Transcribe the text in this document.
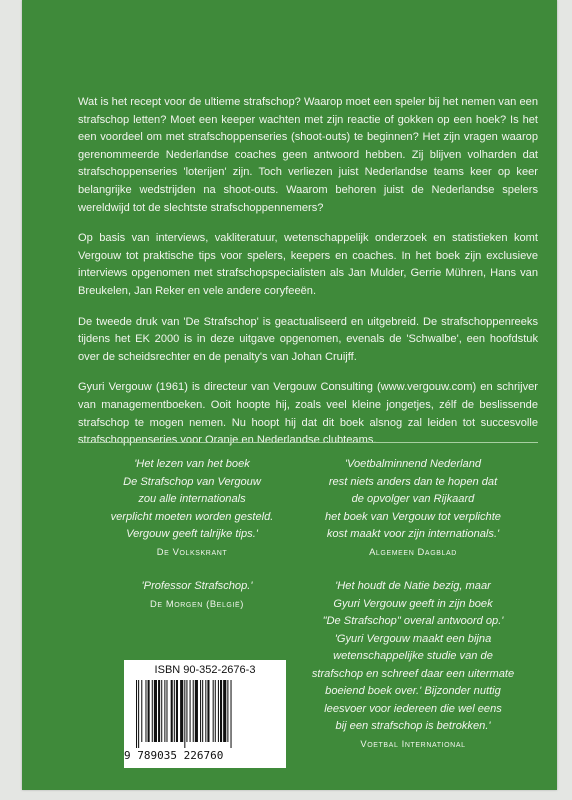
Wat is het recept voor de ultieme strafschop? Waarop moet een speler bij het nemen van een strafschop letten? Moet een keeper wachten met zijn reactie of gokken op een hoek? Is het een voordeel om met strafschoppenseries (shoot-outs) te beginnen? Het zijn vragen waarop gerenommeerde Nederlandse coaches geen antwoord hebben. Zij blijven volharden dat strafschoppenseries 'loterijen' zijn. Toch verliezen juist Nederlandse teams keer op keer belangrijke wedstrijden na shoot-outs. Waarom behoren juist de Nederlandse spelers wereldwijd tot de slechtste strafschoppennemers?

Op basis van interviews, vakliteratuur, wetenschappelijk onderzoek en statistieken komt Vergouw tot praktische tips voor spelers, keepers en coaches. In het boek zijn exclusieve interviews opgenomen met strafschopspecialisten als Jan Mulder, Gerrie Mühren, Hans van Breukelen, Jan Reker en vele andere coryfeeën.

De tweede druk van 'De Strafschop' is geactualiseerd en uitgebreid. De strafschoppenreeks tijdens het EK 2000 is in deze uitgave opgenomen, evenals de 'Schwalbe', een hoofdstuk over de scheidsrechter en de penalty's van Johan Cruijff.

Gyuri Vergouw (1961) is directeur van Vergouw Consulting (www.vergouw.com) en schrijver van managementboeken. Ooit hoopte hij, zoals veel kleine jongetjes, zélf de beslissende strafschop te mogen nemen. Nu hoopt hij dat dit boek alsnog zal leiden tot succesvolle strafschoppenseries voor Oranje en Nederlandse clubteams.

'Het lezen van het boek
De Strafschop van Vergouw
zou alle internationals
verplicht moeten worden gesteld.
Vergouw geeft talrijke tips.'
De Volkskrant
'Voetbalminnend Nederland
rest niets anders dan te hopen dat
de opvolger van Rijkaard
het boek van Vergouw tot verplichte
kost maakt voor zijn internationals.'
Algemeen Dagblad
'Professor Strafschop.'
De Morgen (België)
'Het houdt de Natie bezig, maar
Gyuri Vergouw geeft in zijn boek
"De Strafschop" overal antwoord op.'
'Gyuri Vergouw maakt een bijna
wetenschappelijke studie van de
strafschop en schreef daar een uitermate
boeiend boek over.' Bijzonder nuttig
leesvoer voor iedereen die wel eens
bij een strafschop is betrokken.'
Voetbal International
ISBN 90-352-2676-3
9 789035 226760
